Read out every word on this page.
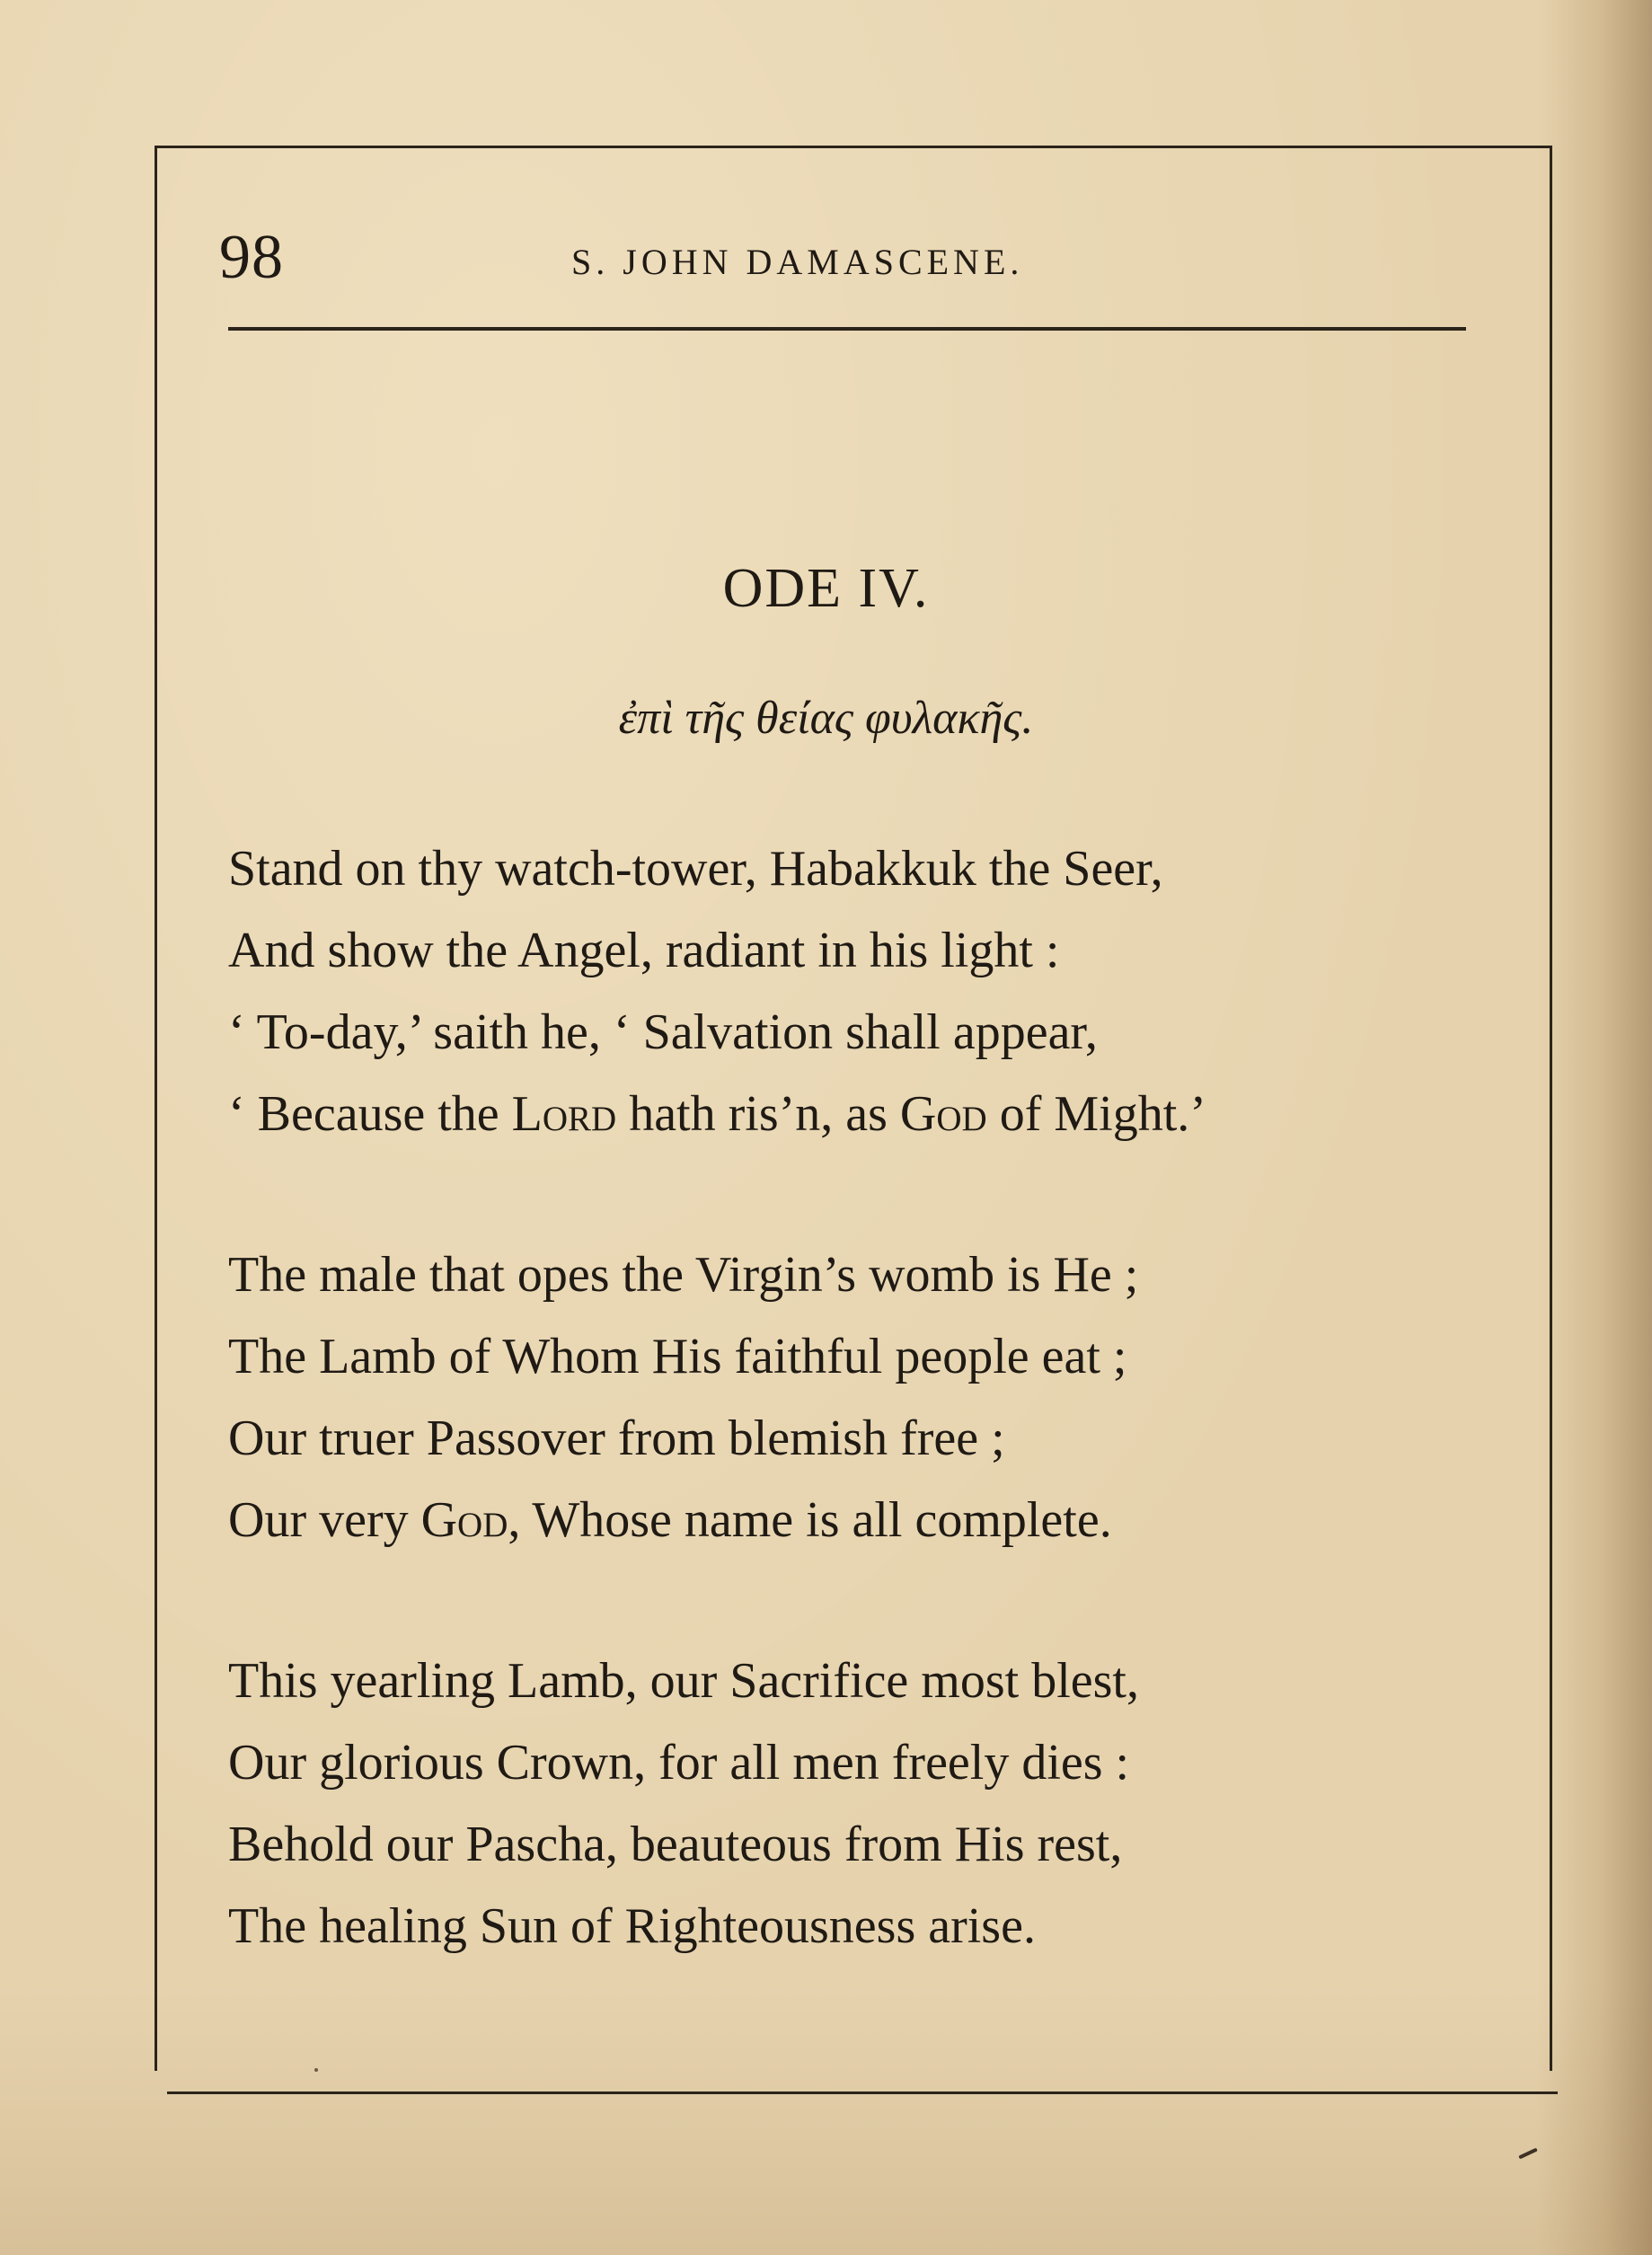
98	S. JOHN DAMASCENE.
ODE IV.
ἐπὶ τῆς θείας φυλακῆς.
Stand on thy watch-tower, Habakkuk the Seer,
And show the Angel, radiant in his light :
‘ To-day,’ saith he, ‘ Salvation shall appear,
‘ Because the Lord hath ris’n, as God of Might.’
The male that opes the Virgin’s womb is He ;
The Lamb of Whom His faithful people eat ;
Our truer Passover from blemish free ;
Our very God, Whose name is all complete.
This yearling Lamb, our Sacrifice most blest,
Our glorious Crown, for all men freely dies :
Behold our Pascha, beauteous from His rest,
The healing Sun of Righteousness arise.
